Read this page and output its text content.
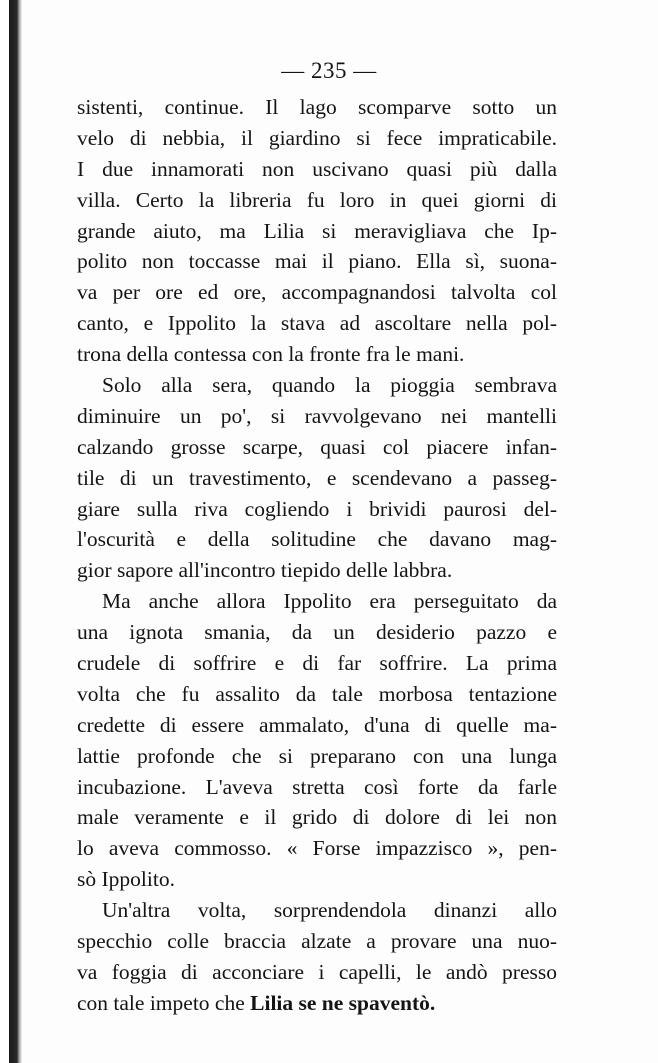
— 235 —
sistenti, continue. Il lago scomparve sotto un
velo di nebbia, il giardino si fece impraticabile.
I due innamorati non uscivano quasi più dalla
villa. Certo la libreria fu loro in quei giorni di
grande aiuto, ma Lilia si meravigliava che Ip-
polito non toccasse mai il piano. Ella sì, suona-
va per ore ed ore, accompagnandosi talvolta col
canto, e Ippolito la stava ad ascoltare nella pol-
trona della contessa con la fronte fra le mani.
Solo alla sera, quando la pioggia sembrava
diminuire un po', si ravvolgevano nei mantelli
calzando grosse scarpe, quasi col piacere infan-
tile di un travestimento, e scendevano a passeg-
giare sulla riva cogliendo i brividi paurosi del-
l'oscurità e della solitudine che davano mag-
gior sapore all'incontro tiepido delle labbra.
Ma anche allora Ippolito era perseguitato da
una ignota smania, da un desiderio pazzo e
crudele di soffrire e di far soffrire. La prima
volta che fu assalito da tale morbosa tentazione
credette di essere ammalato, d'una di quelle ma-
lattie profonde che si preparano con una lunga
incubazione. L'aveva stretta così forte da farle
male veramente e il grido di dolore di lei non
lo aveva commosso. « Forse impazzisco », pen-
sò Ippolito.
Un'altra volta, sorprendendola dinanzi allo
specchio colle braccia alzate a provare una nuo-
va foggia di acconciare i capelli, le andò presso
con tale impeto che Lilia se ne spaventò.
